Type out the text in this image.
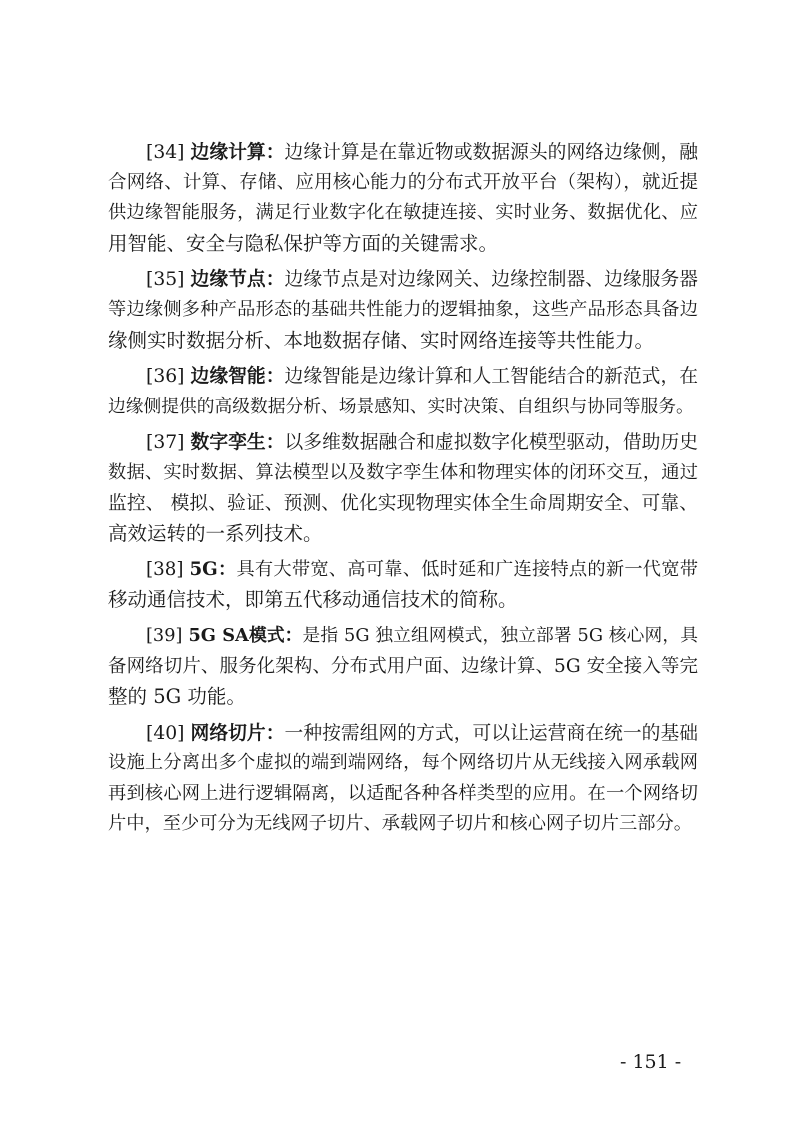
[34] 边缘计算：边缘计算是在靠近物或数据源头的网络边缘侧，融
合网络、计算、存储、应用核心能力的分布式开放平台（架构），就近提
供边缘智能服务，满足行业数字化在敏捷连接、实时业务、数据优化、应
用智能、安全与隐私保护等方面的关键需求。
[35] 边缘节点：边缘节点是对边缘网关、边缘控制器、边缘服务器
等边缘侧多种产品形态的基础共性能力的逻辑抽象，这些产品形态具备边
缘侧实时数据分析、本地数据存储、实时网络连接等共性能力。
[36] 边缘智能：边缘智能是边缘计算和人工智能结合的新范式，在
边缘侧提供的高级数据分析、场景感知、实时决策、自组织与协同等服务。
[37] 数字孪生：以多维数据融合和虚拟数字化模型驱动，借助历史
数据、实时数据、算法模型以及数字孪生体和物理实体的闭环交互，通过
监控、 模拟、验证、预测、优化实现物理实体全生命周期安全、可靠、
高效运转的一系列技术。
[38] 5G：具有大带宽、高可靠、低时延和广连接特点的新一代宽带
移动通信技术，即第五代移动通信技术的简称。
[39] 5G SA模式：是指 5G 独立组网模式，独立部署 5G 核心网，具
备网络切片、服务化架构、分布式用户面、边缘计算、5G 安全接入等完
整的 5G 功能。
[40] 网络切片：一种按需组网的方式，可以让运营商在统一的基础
设施上分离出多个虚拟的端到端网络，每个网络切片从无线接入网承载网
再到核心网上进行逻辑隔离，以适配各种各样类型的应用。在一个网络切
片中，至少可分为无线网子切片、承载网子切片和核心网子切片三部分。
- 151 -
